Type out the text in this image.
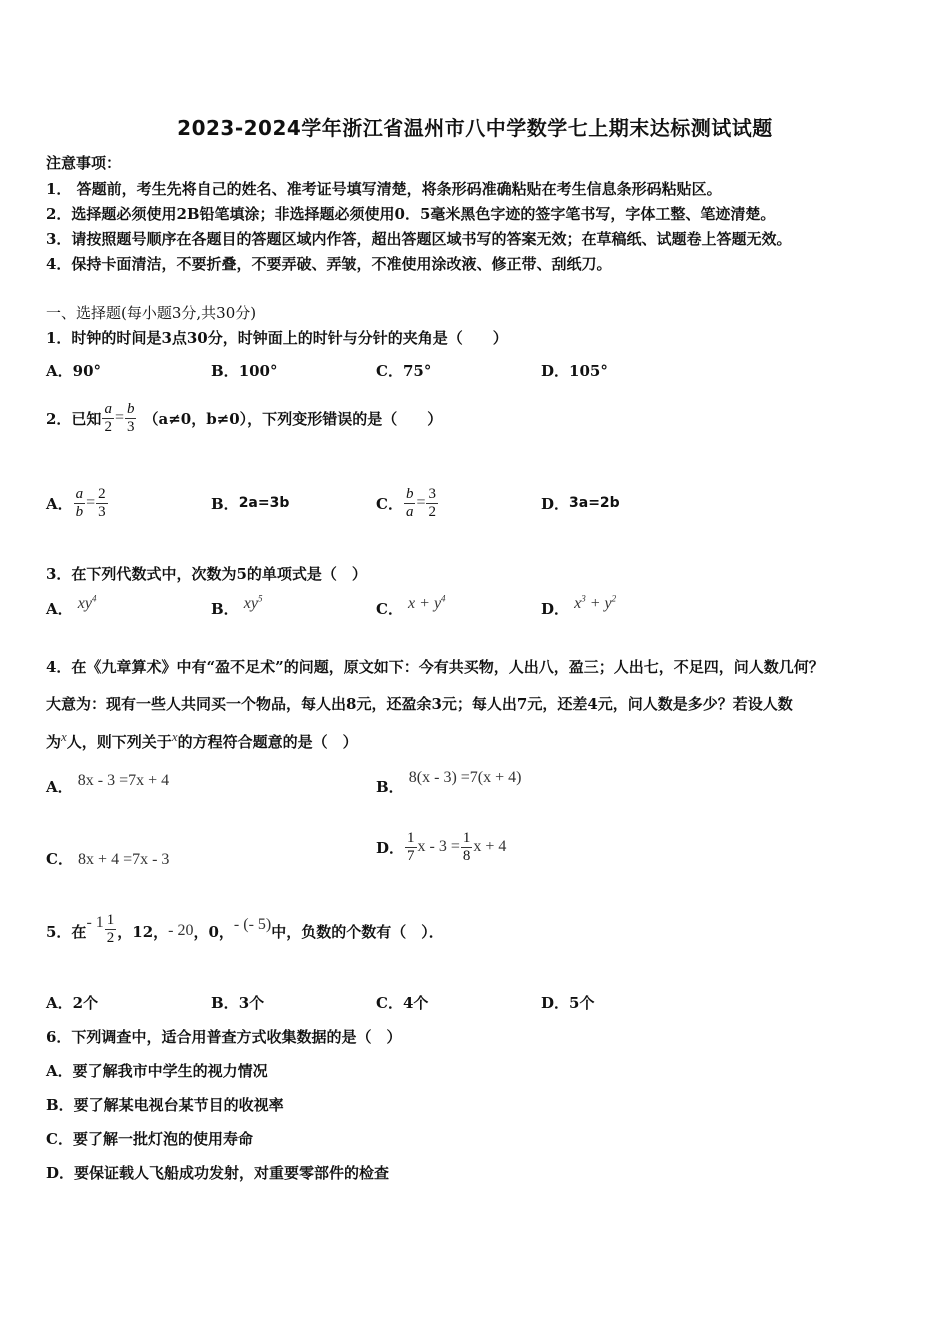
2023-2024学年浙江省温州市八中学数学七上期末达标测试试题
注意事项：
1． 答题前，考生先将自己的姓名、准考证号填写清楚，将条形码准确粘贴在考生信息条形码粘贴区。
2．选择题必须使用2B铅笔填涂；非选择题必须使用0．5毫米黑色字迹的签字笔书写，字体工整、笔迹清楚。
3．请按照题号顺序在各题目的答题区域内作答，超出答题区域书写的答案无效；在草稿纸、试题卷上答题无效。
4．保持卡面清洁，不要折叠，不要弄破、弄皱，不准使用涂改液、修正带、刮纸刀。
一、选择题(每小题3分,共30分)
1．时钟的时间是3点30分，时钟面上的时针与分针的夹角是（　　）
A．90°	B．100°	C．75°	D．105°
2．已知 $\frac{a}{2} = \frac{b}{3} (a\ne 0$，b≠0），下列变形错误的是（　　）
A． $\frac{a}{b} = \frac{2}{3}$	B． 2a=3b	C． $\frac{b}{a} = \frac{3}{2}$	D． 3a=2b
3．在下列代数式中，次数为5的单项式是（　）
A． $xy^4$
B． $xy^5$
C． $x + y^4$
D． $x^3 + y^2$
4．在《九章算术》中有“盈不足术”的问题，原文如下：今有共买物，人出八，盈三；人出七，不足四，问人数几何？
大意为：现有一些人共同买一个物品，每人出8元，还盈余3元；每人出7元，还差4元，问人数是多少？若设人数
为x人，则下列关于x的方程符合题意的是（　）
A． 8x - 3 =7x + 4	B． 8(x - 3) =7(x + 4)
C． 8x + 4 =7x - 3
D． $\frac{1}{7}$ $x - 3 = \frac{1}{8}$ x + 4
5．在 - $1 \frac{1}{2}$ ，12， - 20 ，0， - (- 5) 中，负数的个数有（　）．
A．2个	B．3个	C．4个	D．5个
6．下列调查中，适合用普查方式收集数据的是（　）
A．要了解我市中学生的视力情况
B．要了解某电视台某节目的收视率
C．要了解一批灯泡的使用寿命
D．要保证载人飞船成功发射，对重要零部件的检查
